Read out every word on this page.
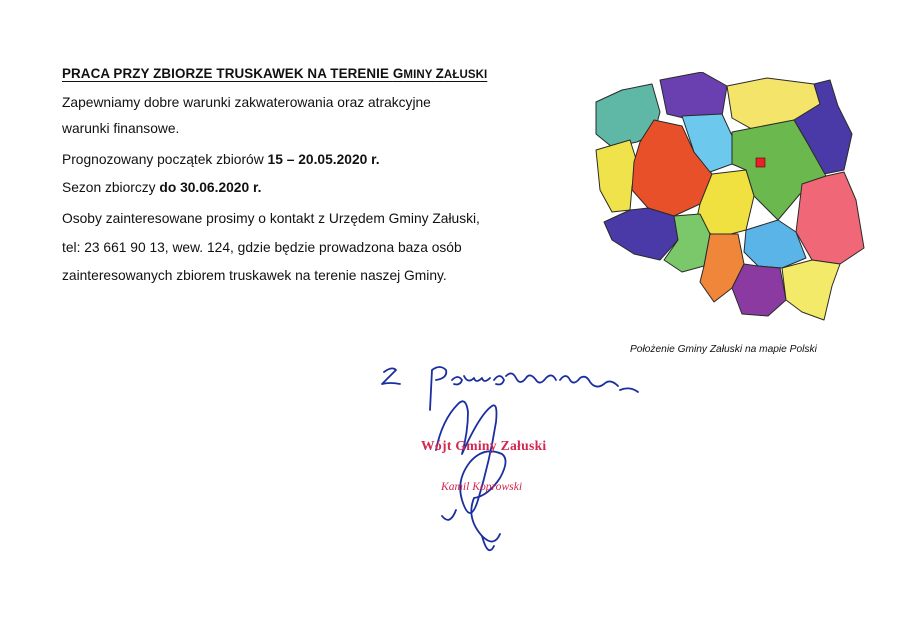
PRACA PRZY ZBIORZE TRUSKAWEK NA TERENIE GMINY ZAŁUSKI
Zapewniamy dobre warunki zakwaterowania oraz atrakcyjne
warunki finansowe.
Prognozowany początek zbiorów 15 – 20.05.2020 r.
Sezon zbiorczy do 30.06.2020 r.
Osoby zainteresowane prosimy o kontakt z Urzędem Gminy Załuski,
tel: 23 661 90 13, wew. 124, gdzie będzie prowadzona baza osób
zainteresowanych zbiorem truskawek na terenie naszej Gminy.
Położenie Gminy Załuski na mapie Polski
Wójt Gminy Załuski
Kamil Koprowski
